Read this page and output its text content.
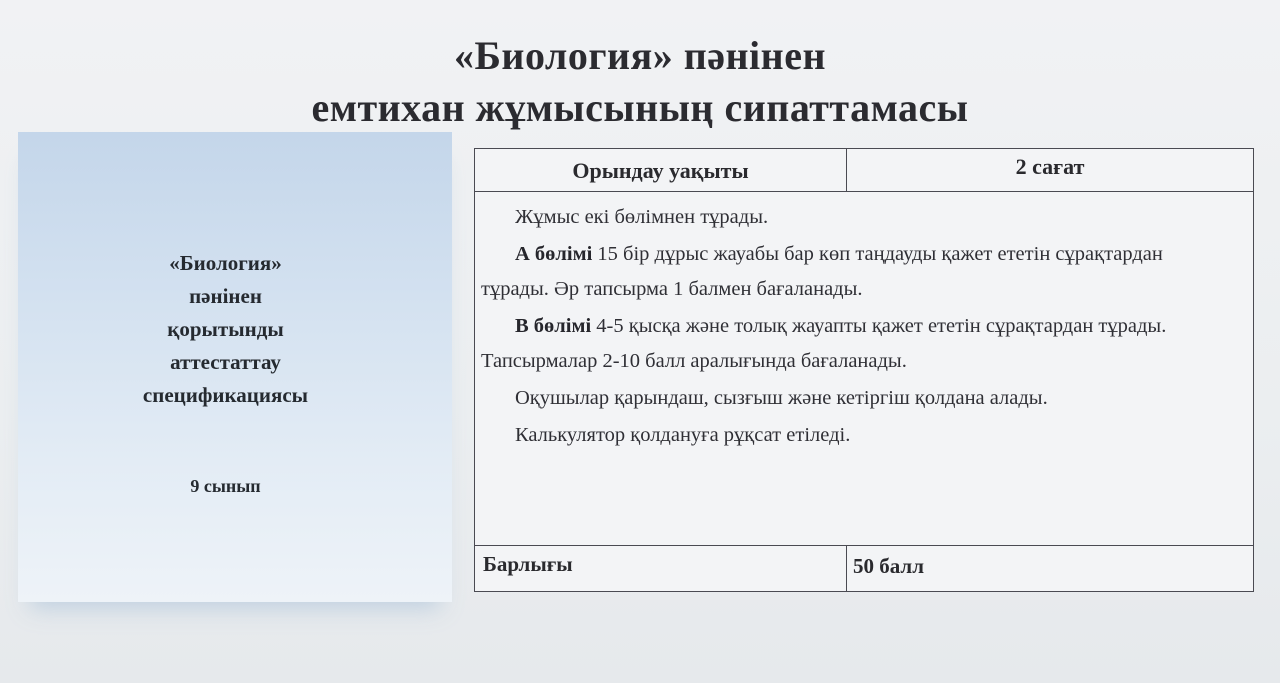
«Биология» пәнінен
емтихан жұмысының сипаттамасы
«Биология»
пәнінен
қорытынды
аттестаттау
спецификациясы
9 сынып
Орындау уақыты	2 сағат

Жұмыс екі бөлімнен тұрады.

А бөлімі 15 бір дұрыс жауабы бар көп таңдауды қажет ететін сұрақтардан тұрады. Әр тапсырма 1 балмен бағаланады.

В бөлімі 4-5 қысқа және толық жауапты қажет ететін сұрақтардан тұрады. Тапсырмалар 2-10 балл аралығында бағаланады.

Оқушылар қарындаш, сызғыш және кетіргіш қолдана алады.

Калькулятор қолдануға рұқсат етіледі.

Барлығы	50 балл
